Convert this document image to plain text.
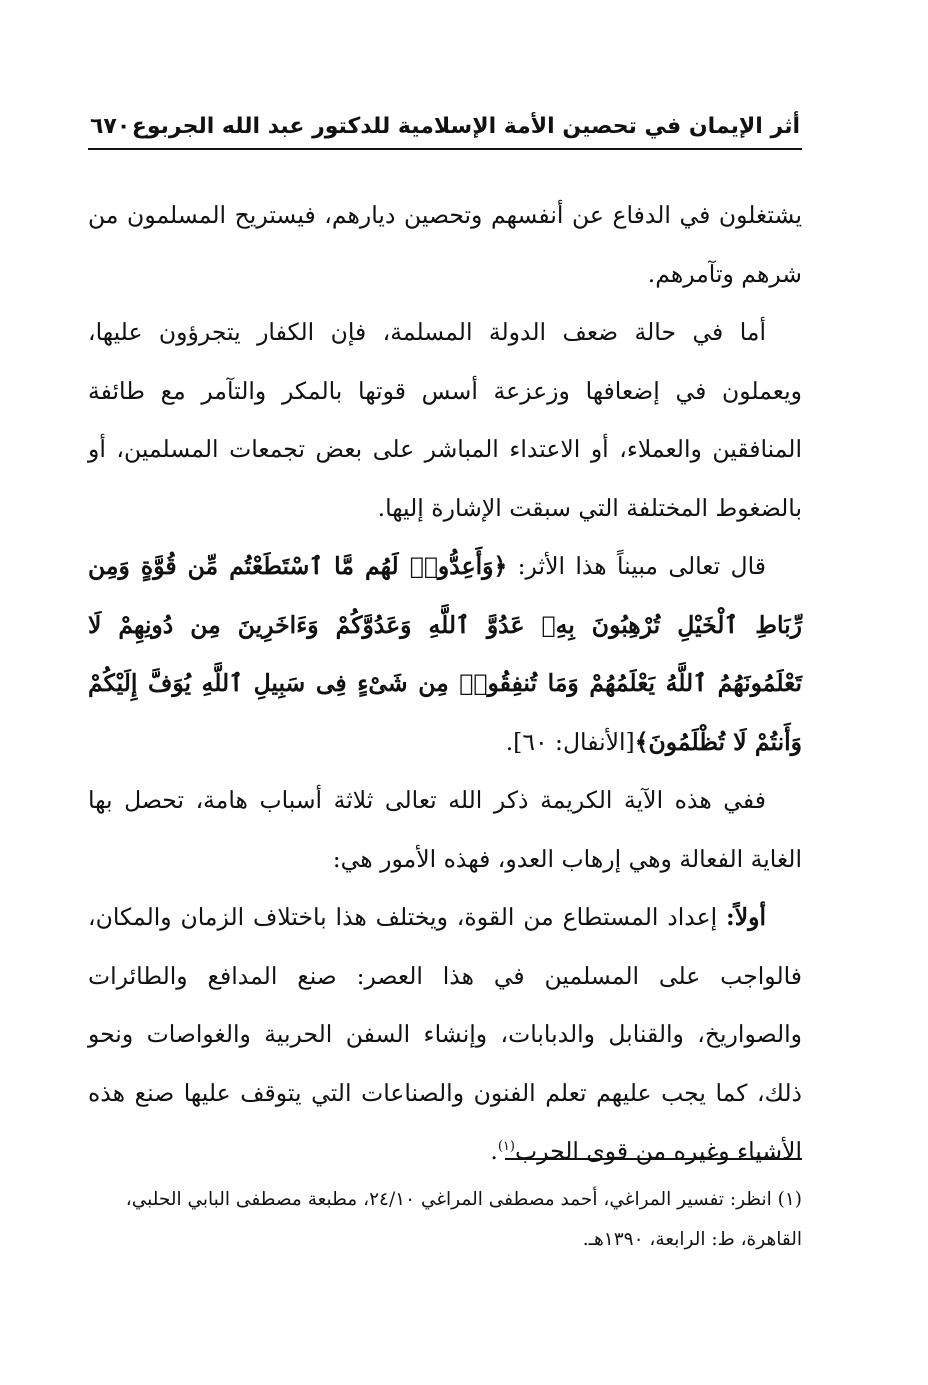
أثر الإيمان في تحصين الأمة الإسلامية للدكتور عبد الله الجربوع
٦٧٠

يشتغلون في الدفاع عن أنفسهم وتحصين ديارهم، فيستريح المسلمون من شرهم وتآمرهم.

أما في حالة ضعف الدولة المسلمة، فإن الكفار يتجرؤون عليها، ويعملون في إضعافها وزعزعة أسس قوتها بالمكر والتآمر مع طائفة المنافقين والعملاء، أو الاعتداء المباشر على بعض تجمعات المسلمين، أو بالضغوط المختلفة التي سبقت الإشارة إليها.

قال تعالى مبيناً هذا الأثر: ﴿وَأَعِدُّوا۟ لَهُم مَّا ٱسْتَطَعْتُم مِّن قُوَّةٍ وَمِن رِّبَاطِ ٱلْخَيْلِ تُرْهِبُونَ بِهِۦ عَدُوَّ ٱللَّهِ وَعَدُوَّكُمْ وَءَاخَرِينَ مِن دُونِهِمْ لَا تَعْلَمُونَهُمُ ٱللَّهُ يَعْلَمُهُمْ وَمَا تُنفِقُوا۟ مِن شَىْءٍ فِى سَبِيلِ ٱللَّهِ يُوَفَّ إِلَيْكُمْ وَأَنتُمْ لَا تُظْلَمُونَ﴾[الأنفال: ٦٠].

ففي هذه الآية الكريمة ذكر الله تعالى ثلاثة أسباب هامة، تحصل بها الغاية الفعالة وهي إرهاب العدو، فهذه الأمور هي:

أولاً: إعداد المستطاع من القوة، ويختلف هذا باختلاف الزمان والمكان، فالواجب على المسلمين في هذا العصر: صنع المدافع والطائرات والصواريخ، والقنابل والدبابات، وإنشاء السفن الحربية والغواصات ونحو ذلك، كما يجب عليهم تعلم الفنون والصناعات التي يتوقف عليها صنع هذه الأشياء وغيره من قوى الحرب$^{(١)}$.

(١) انظر: تفسير المراغي، أحمد مصطفى المراغي ٢٤/١٠، مطبعة مصطفى البابي الحلبي،

القاهرة، ط: الرابعة، ١٣٩٠هـ.
